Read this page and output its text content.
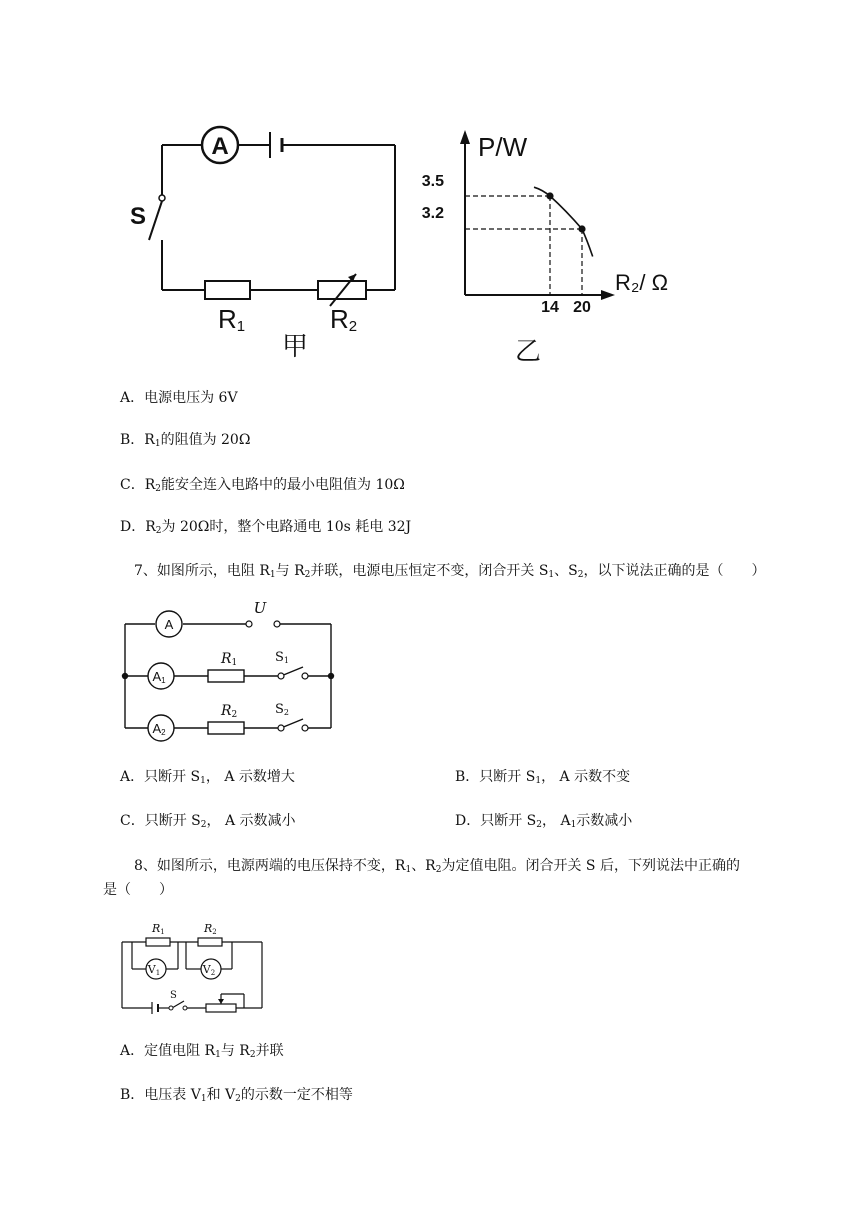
A
S
R1	R2
甲
P/W
R₂/ Ω
3.5
3.2
14 20
乙
A．电源电压为 6V
B．$R_1$的阻值为 20Ω
C．$R_2$能安全连入电路中的最小电阻值为 10Ω
D．$R_2$为 20Ω时，整个电路通电 10s 耗电 32J
7、如图所示，电阻 $R_1$与 $R_2$并联，电源电压恒定不变，闭合开关 $S_1$、$S_2$，以下说法正确的是（　　）
A
A1
A2
U
R1
R2
S1
S2
A．只断开 $S_1$， A 示数增大	B．只断开 $S_1$， A 示数不变
C．只断开 $S_2$， A 示数减小	D．只断开 $S_2$， $A_1$示数减小
8、如图所示，电源两端的电压保持不变，$R_1$、$R_2$为定值电阻。闭合开关 S 后，下列说法中正确的
是（　　）
V1	V2
R1	R2
S
A．定值电阻 $R_1$与 $R_2$并联
B．电压表 $V_1$和 $V_2$的示数一定不相等
